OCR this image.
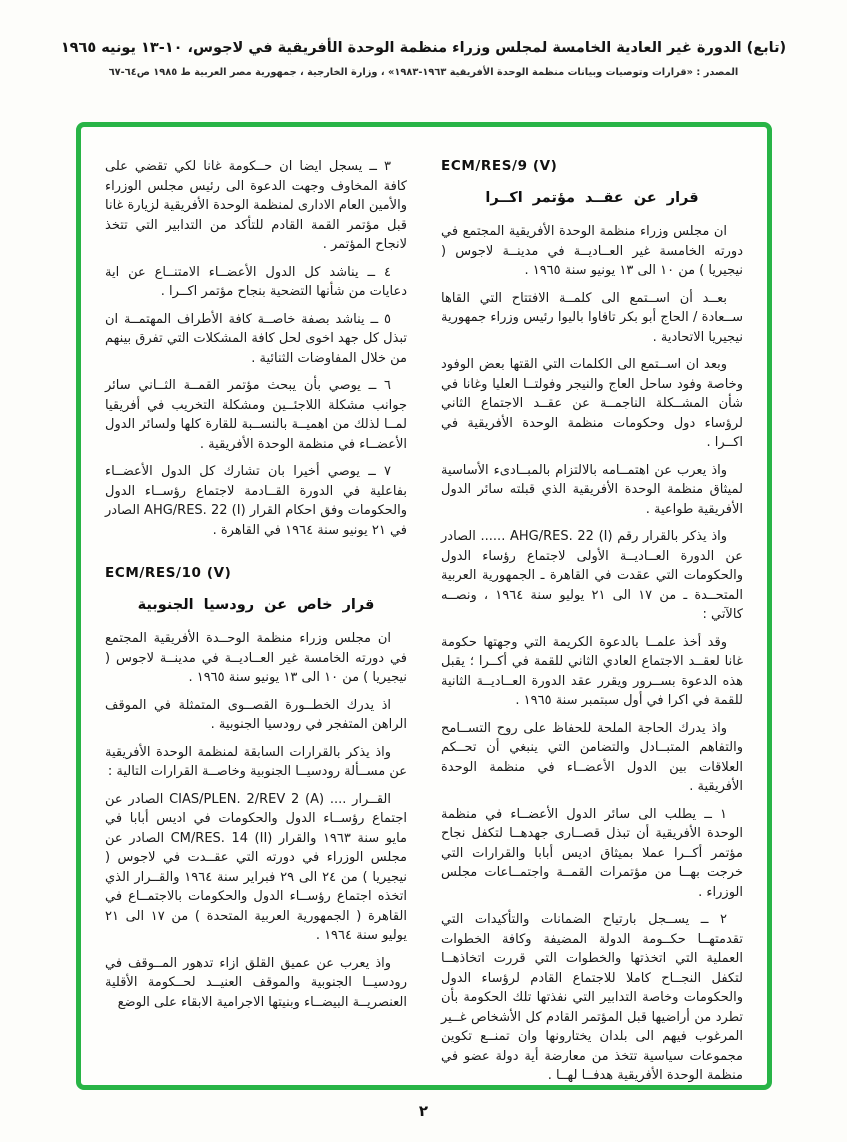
(تابع) الدورة غير العادية الخامسة لمجلس وزراء منظمة الوحدة الأفريقية في لاجوس، ١٠-١٣ يونيه ١٩٦٥
المصدر : «قرارات وتوصيات وبيانات منظمة الوحدة الأفريقية ١٩٦٣-١٩٨٣» ، وزارة الخارجية ، جمهورية مصر العربية ط ١٩٨٥ ص٦٤-٦٧
ECM/RES/9 (V)
قرار عن عقــد مؤتمر اكــرا

ان مجلس وزراء منظمة الوحدة الأفريقية المجتمع في دورته الخامسة غير العــاديــة في مدينــة لاجوس ( نيجيريا ) من ١٠ الى ١٣ يونيو سنة ١٩٦٥ .

بعــد أن اســتمع الى كلمــة الافتتاح التي القاها ســعادة / الحاج أبو بكر تافاوا باليوا رئيس وزراء جمهورية نيجيريا الاتحادية .

وبعد ان اســتمع الى الكلمات التي القتها بعض الوفود وخاصة وفود ساحل العاج والنيجر وفولتــا العليا وغانا في شأن المشــكلة الناجمــة عن عقــد الاجتماع الثاني لرؤساء دول وحكومات منظمة الوحدة الأفريقية في اكــرا .

واذ يعرب عن اهتمــامه بالالتزام بالمبــادىء الأساسية لميثاق منظمة الوحدة الأفريقية الذي قبلته سائر الدول الأفريقية طواعية .

واذ يذكر بالقرار رقم AHG/RES. 22 (I) ...... الصادر عن الدورة العــاديــة الأولى لاجتماع رؤساء الدول والحكومات التي عقدت في القاهرة ـ الجمهورية العربية المتحــدة ـ من ١٧ الى ٢١ يوليو سنة ١٩٦٤ ، ونصــه كالآتي :

وقد أخذ علمــا بالدعوة الكريمة التي وجهتها حكومة غانا لعقــد الاجتماع العادي الثاني للقمة في أكــرا ؛ يقبل هذه الدعوة بســرور ويقرر عقد الدورة العــاديــة الثانية للقمة في اكرا في أول سبتمبر سنة ١٩٦٥ .

واذ يدرك الحاجة الملحة للحفاظ على روح التســامح والتفاهم المتبــادل والتضامن التي ينبغي أن تحــكم العلاقات بين الدول الأعضــاء في منظمة الوحدة الأفريقية .

١ ــ يطلب الى سائر الدول الأعضــاء في منظمة الوحدة الأفريقية أن تبذل قصــارى جهدهــا لتكفل نجاح مؤتمر أكــرا عملا بميثاق اديس أبابا والقرارات التي خرجت بهــا من مؤتمرات القمــة واجتمــاعات مجلس الوزراء .

٢ ــ يســجل بارتياح الضمانات والتأكيدات التي تقدمتهــا حكــومة الدولة المضيفة وكافة الخطوات العملية التي اتخذتها والخطوات التي قررت اتخاذهــا لتكفل النجــاح كاملا للاجتماع القادم لرؤساء الدول والحكومات وخاصة التدابير التي نفذتها تلك الحكومة بأن تطرد من أراضيها قبل المؤتمر القادم كل الأشخاص غــير المرغوب فيهم الى بلدان يختارونها وان تمنــع تكوين مجموعات سياسية تتخذ من معارضة أية دولة عضو في منظمة الوحدة الأفريقية هدفــا لهــا .

٣ ــ يسجل ايضا ان حــكومة غانا لكي تقضي على كافة المخاوف وجهت الدعوة الى رئيس مجلس الوزراء والأمين العام الادارى لمنظمة الوحدة الأفريقية لزيارة غانا قبل مؤتمر القمة القادم للتأكد من التدابير التي تتخذ لانجاح المؤتمر .

٤ ــ يناشد كل الدول الأعضــاء الامتنــاع عن اية دعايات من شأنها التضحية بنجاح مؤتمر اكــرا .

٥ ــ يناشد بصفة خاصــة كافة الأطراف المهتمــة ان تبذل كل جهد اخوى لحل كافة المشكلات التي تفرق بينهم من خلال المفاوضات الثنائية .

٦ ــ يوصي بأن يبحث مؤتمر القمــة الثــاني سائر جوانب مشكلة اللاجئــين ومشكلة التخريب في أفريقيا لمــا لذلك من اهميــة بالنســبة للقارة كلها ولسائر الدول الأعضــاء في منظمة الوحدة الأفريقية .

٧ ــ يوصي أخيرا بان تشارك كل الدول الأعضــاء بفاعلية في الدورة القــادمة لاجتماع رؤســاء الدول والحكومات وفق احكام القرار AHG/RES. 22 (I) الصادر في ٢١ يونيو سنة ١٩٦٤ في القاهرة .

ECM/RES/10 (V)
قرار خاص عن رودسيا الجنوبية

ان مجلس وزراء منظمة الوحــدة الأفريقية المجتمع في دورته الخامسة غير العــاديــة في مدينــة لاجوس ( نيجيريا ) من ١٠ الى ١٣ يونيو سنة ١٩٦٥ .

اذ يدرك الخطــورة القصــوى المتمثلة في الموقف الراهن المتفجر في رودسيا الجنوبية .

واذ يذكر بالقرارات السابقة لمنظمة الوحدة الأفريقية عن مســألة رودسيــا الجنوبية وخاصــة القرارات التالية :

القــرار .... CIAS/PLEN. 2/REV 2 (A) الصادر عن اجتماع رؤســاء الدول والحكومات في اديس أبابا في مايو سنة ١٩٦٣ والقرار CM/RES. 14 (II) الصادر عن مجلس الوزراء في دورته التي عقــدت في لاجوس ( نيجيريا ) من ٢٤ الى ٢٩ فبراير سنة ١٩٦٤ والقــرار الذي اتخذه اجتماع رؤســاء الدول والحكومات بالاجتمــاع في القاهرة ( الجمهورية العربية المتحدة ) من ١٧ الى ٢١ يوليو سنة ١٩٦٤ .

واذ يعرب عن عميق القلق ازاء تدهور المــوقف في رودسيــا الجنوبية والموقف العنيــد لحــكومة الأقلية العنصريــة البيضــاء وبنيتها الاجرامية الابقاء على الوضع

٢
